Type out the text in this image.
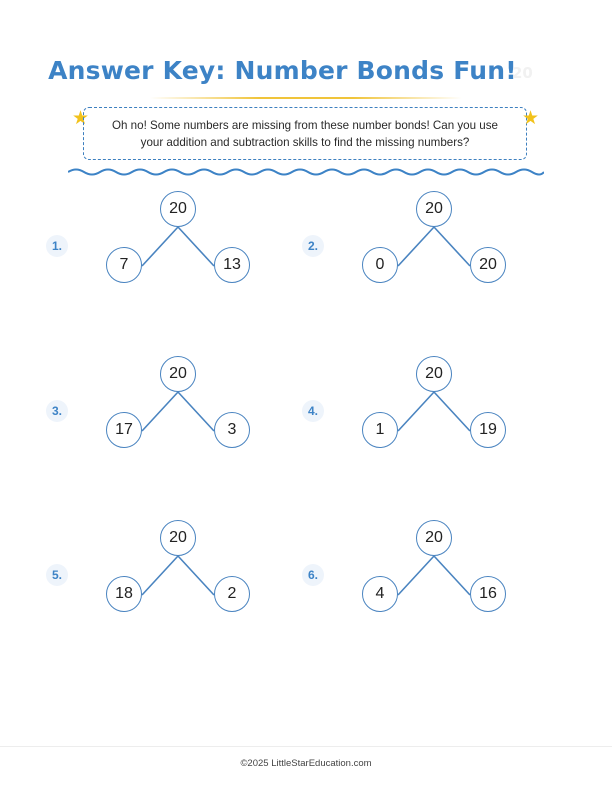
Answer Key: Number Bonds Fun!
20
★	Oh no! Some numbers are missing from these number bonds! Can you use your addition and subtraction skills to find the missing numbers?
★
1.
20
7	13
2.
20
0	20
3.
20
17	3
4.
20
1	19
5.
20
18	2
6.
20
4	16
©2025 LittleStarEducation.com
